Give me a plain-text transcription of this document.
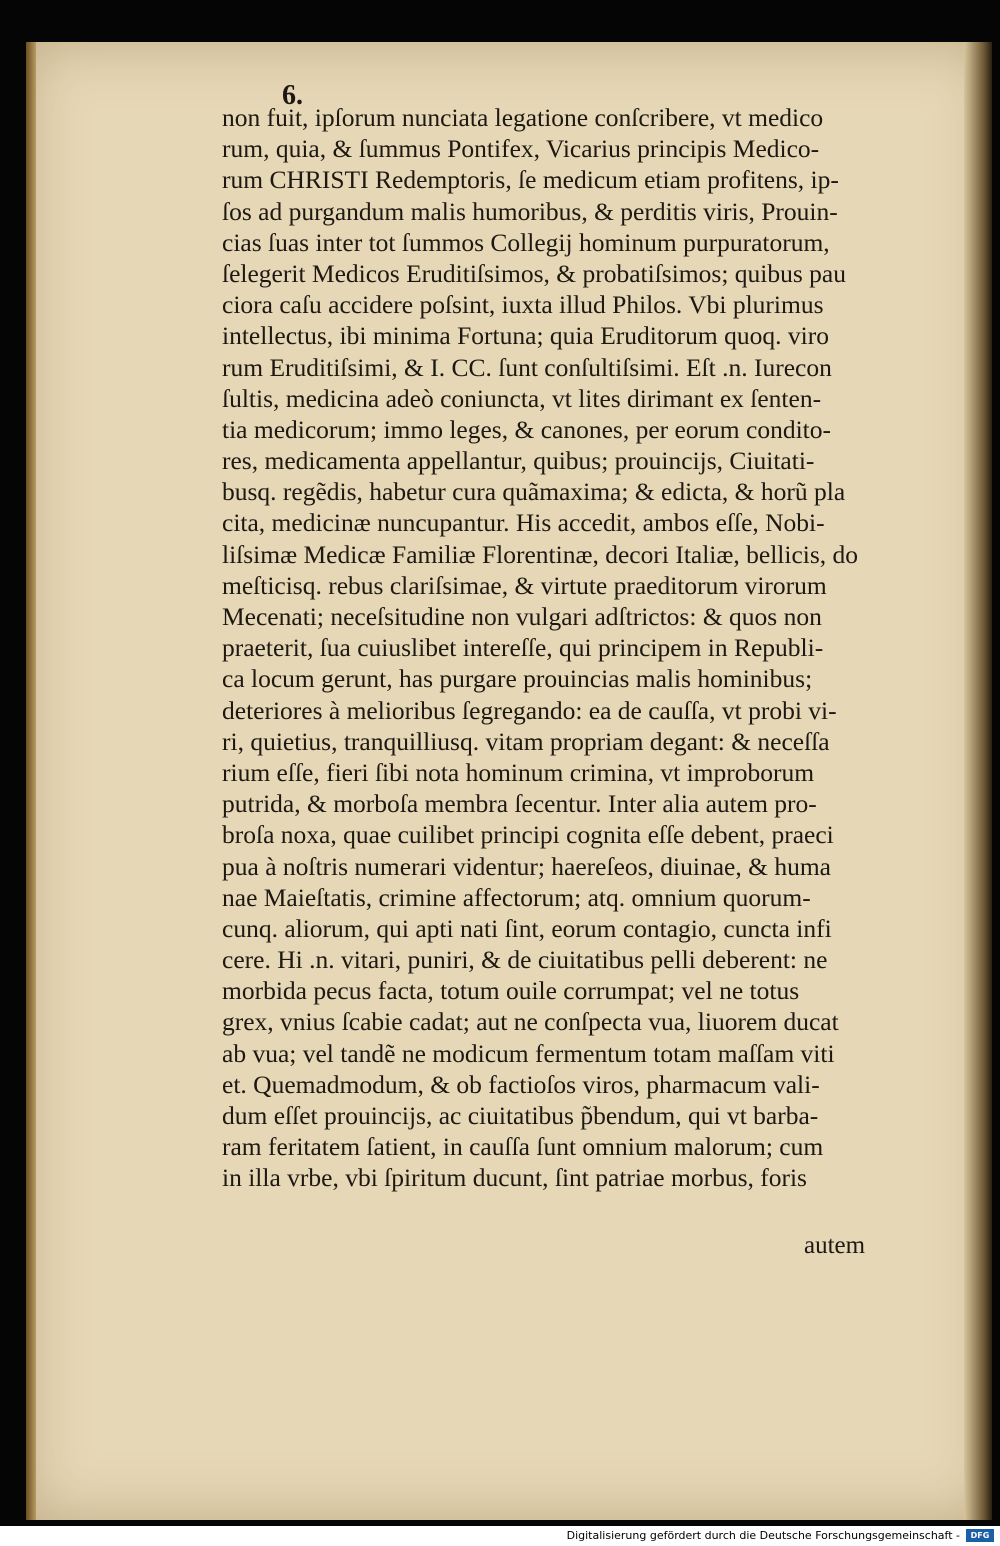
6.
non fuit, ipſorum nunciata legatione conſcribere, vt medico
rum, quia, & ſummus Pontifex, Vicarius principis Medico-
rum CHRISTI Redemptoris, ſe medicum etiam profitens, ip-
ſos ad purgandum malis humoribus, & perditis viris, Prouin-
cias ſuas inter tot ſummos Collegij hominum purpuratorum,
ſelegerit Medicos Eruditiſsimos, & probatiſsimos; quibus pau
ciora caſu accidere poſsint, iuxta illud Philos. Vbi plurimus
intellectus, ibi minima Fortuna; quia Eruditorum quoq. viro
rum Eruditiſsimi, & I. CC. ſunt conſultiſsimi. Eſt .n. Iurecon
ſultis, medicina adeò coniuncta, vt lites dirimant ex ſenten-
tia medicorum; immo leges, & canones, per eorum condito-
res, medicamenta appellantur, quibus; prouincijs, Ciuitati-
busq. regẽdis, habetur cura quãmaxima; & edicta, & horũ pla
cita, medicinæ nuncupantur. His accedit, ambos eſſe, Nobi-
liſsimæ Medicæ Familiæ Florentinæ, decori Italiæ, bellicis, do
meſticisq. rebus clariſsimae, & virtute praeditorum virorum
Mecenati; neceſsitudine non vulgari adſtrictos: & quos non
praeterit, ſua cuiuslibet intereſſe, qui principem in Republi-
ca locum gerunt, has purgare prouincias malis hominibus;
deteriores à melioribus ſegregando: ea de cauſſa, vt probi vi-
ri, quietius, tranquilliusq. vitam propriam degant: & neceſſa
rium eſſe, fieri ſibi nota hominum crimina, vt improborum
putrida, & morboſa membra ſecentur. Inter alia autem pro-
broſa noxa, quae cuilibet principi cognita eſſe debent, praeci
pua à noſtris numerari videntur; haereſeos, diuinae, & huma
nae Maieſtatis, crimine affectorum; atq. omnium quorum-
cunq. aliorum, qui apti nati ſint, eorum contagio, cuncta infi
cere. Hi .n. vitari, puniri, & de ciuitatibus pelli deberent: ne
morbida pecus facta, totum ouile corrumpat; vel ne totus
grex, vnius ſcabie cadat; aut ne conſpecta vua, liuorem ducat
ab vua; vel tandẽ ne modicum fermentum totam maſſam viti
et. Quemadmodum, & ob factioſos viros, pharmacum vali-
dum eſſet prouincijs, ac ciuitatibus p̃bendum, qui vt barba-
ram feritatem ſatient, in cauſſa ſunt omnium malorum; cum
in illa vrbe, vbi ſpiritum ducunt, ſint patriae morbus, foris
autem
Digitalisierung gefördert durch die Deutsche Forschungsgemeinschaft -	DFG
